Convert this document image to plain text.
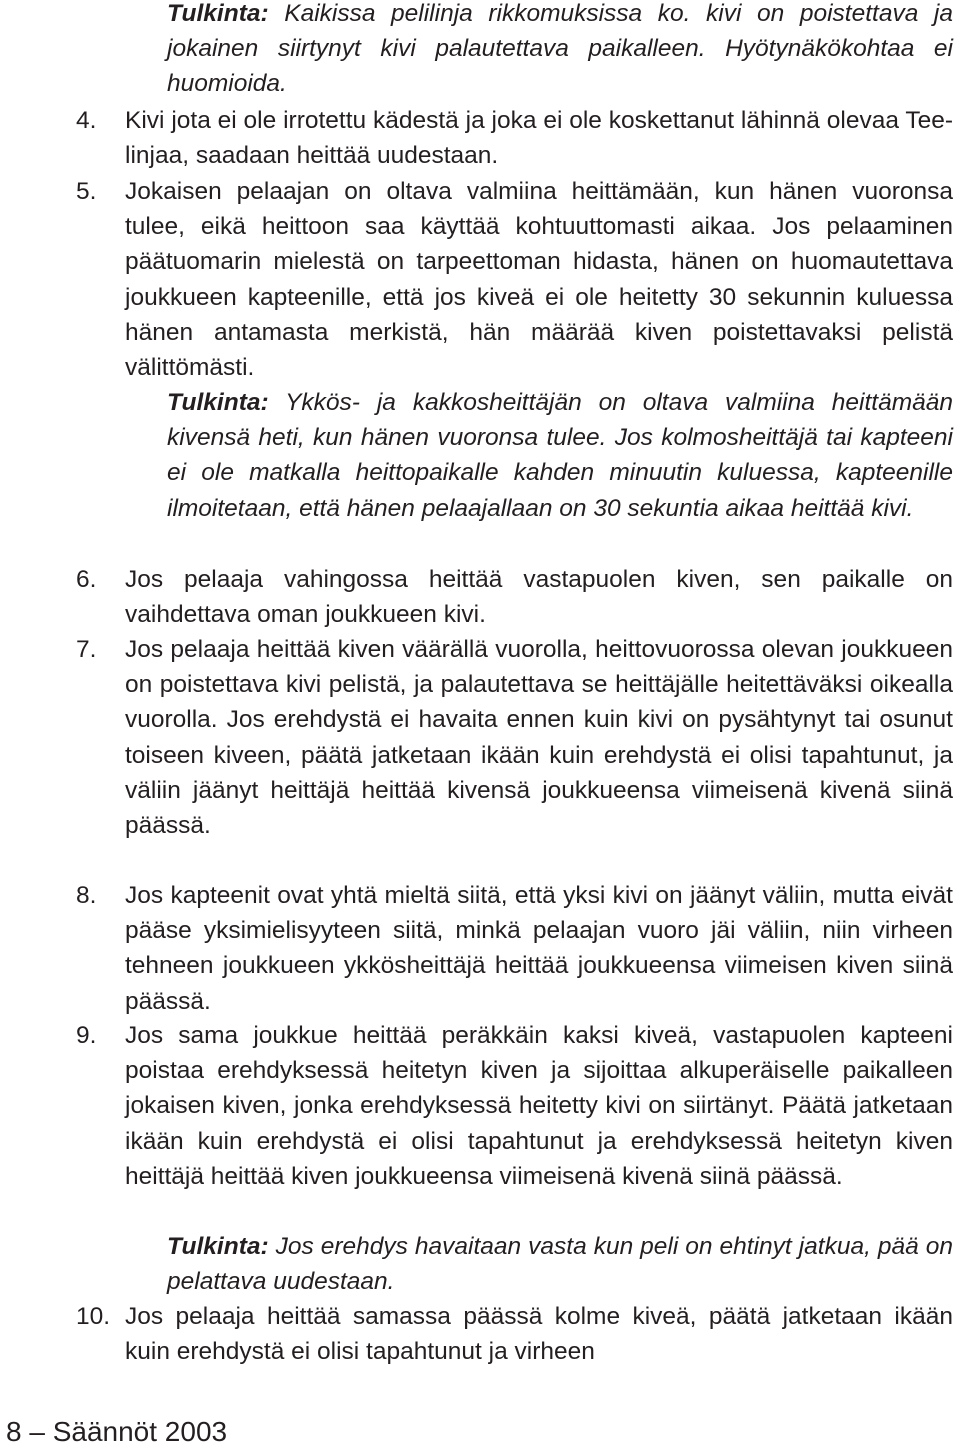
Tulkinta: Kaikissa pelilinja rikkomuksissa ko. kivi on poistettava ja jokainen siirtynyt kivi palautettava paikalleen. Hyötynäkökohtaa ei huomioida.
4. Kivi jota ei ole irrotettu kädestä ja joka ei ole koskettanut lähinnä olevaa Tee-linjaa, saadaan heittää uudestaan.
5. Jokaisen pelaajan on oltava valmiina heittämään, kun hänen vuoronsa tulee, eikä heittoon saa käyttää kohtuuttomasti aikaa. Jos pelaaminen päätuomarin mielestä on tarpeettoman hidasta, hänen on huomautettava joukkueen kapteenille, että jos kiveä ei ole heitetty 30 sekunnin kuluessa hänen antamasta merkistä, hän määrää kiven poistettavaksi pelistä välittömästi.
Tulkinta: Ykkös- ja kakkosheittäjän on oltava valmiina heittämään kivensä heti, kun hänen vuoronsa tulee. Jos kolmosheittäjä tai kapteeni ei ole matkalla heittopaikalle kahden minuutin kuluessa, kapteenille ilmoitetaan, että hänen pelaajallaan on 30 sekuntia aikaa heittää kivi.
6. Jos pelaaja vahingossa heittää vastapuolen kiven, sen paikalle on vaihdettava oman joukkueen kivi.
7. Jos pelaaja heittää kiven väärällä vuorolla, heittovuorossa olevan joukkueen on poistettava kivi pelistä, ja palautettava se heittäjälle heitettäväksi oikealla vuorolla. Jos erehdystä ei havaita ennen kuin kivi on pysähtynyt tai osunut toiseen kiveen, päätä jatketaan ikään kuin erehdystä ei olisi tapahtunut, ja väliin jäänyt heittäjä heittää kivensä joukkueensa viimeisenä kivenä siinä päässä.
8. Jos kapteenit ovat yhtä mieltä siitä, että yksi kivi on jäänyt väliin, mutta eivät pääse yksimielisyyteen siitä, minkä pelaajan vuoro jäi väliin, niin virheen tehneen joukkueen ykkösheittäjä heittää joukkueensa viimeisen kiven siinä päässä.
9. Jos sama joukkue heittää peräkkäin kaksi kiveä, vastapuolen kapteeni poistaa erehdyksessä heitetyn kiven ja sijoittaa alkuperäiselle paikalleen jokaisen kiven, jonka erehdyksessä heitetty kivi on siirtänyt. Päätä jatketaan ikään kuin erehdystä ei olisi tapahtunut ja erehdyksessä heitetyn kiven heittäjä heittää kiven joukkueensa viimeisenä kivenä siinä päässä.
Tulkinta: Jos erehdys havaitaan vasta kun peli on ehtinyt jatkua, pää on pelattava uudestaan.
10. Jos pelaaja heittää samassa päässä kolme kiveä, päätä jatketaan ikään kuin erehdystä ei olisi tapahtunut ja virheen
8 – Säännöt 2003
